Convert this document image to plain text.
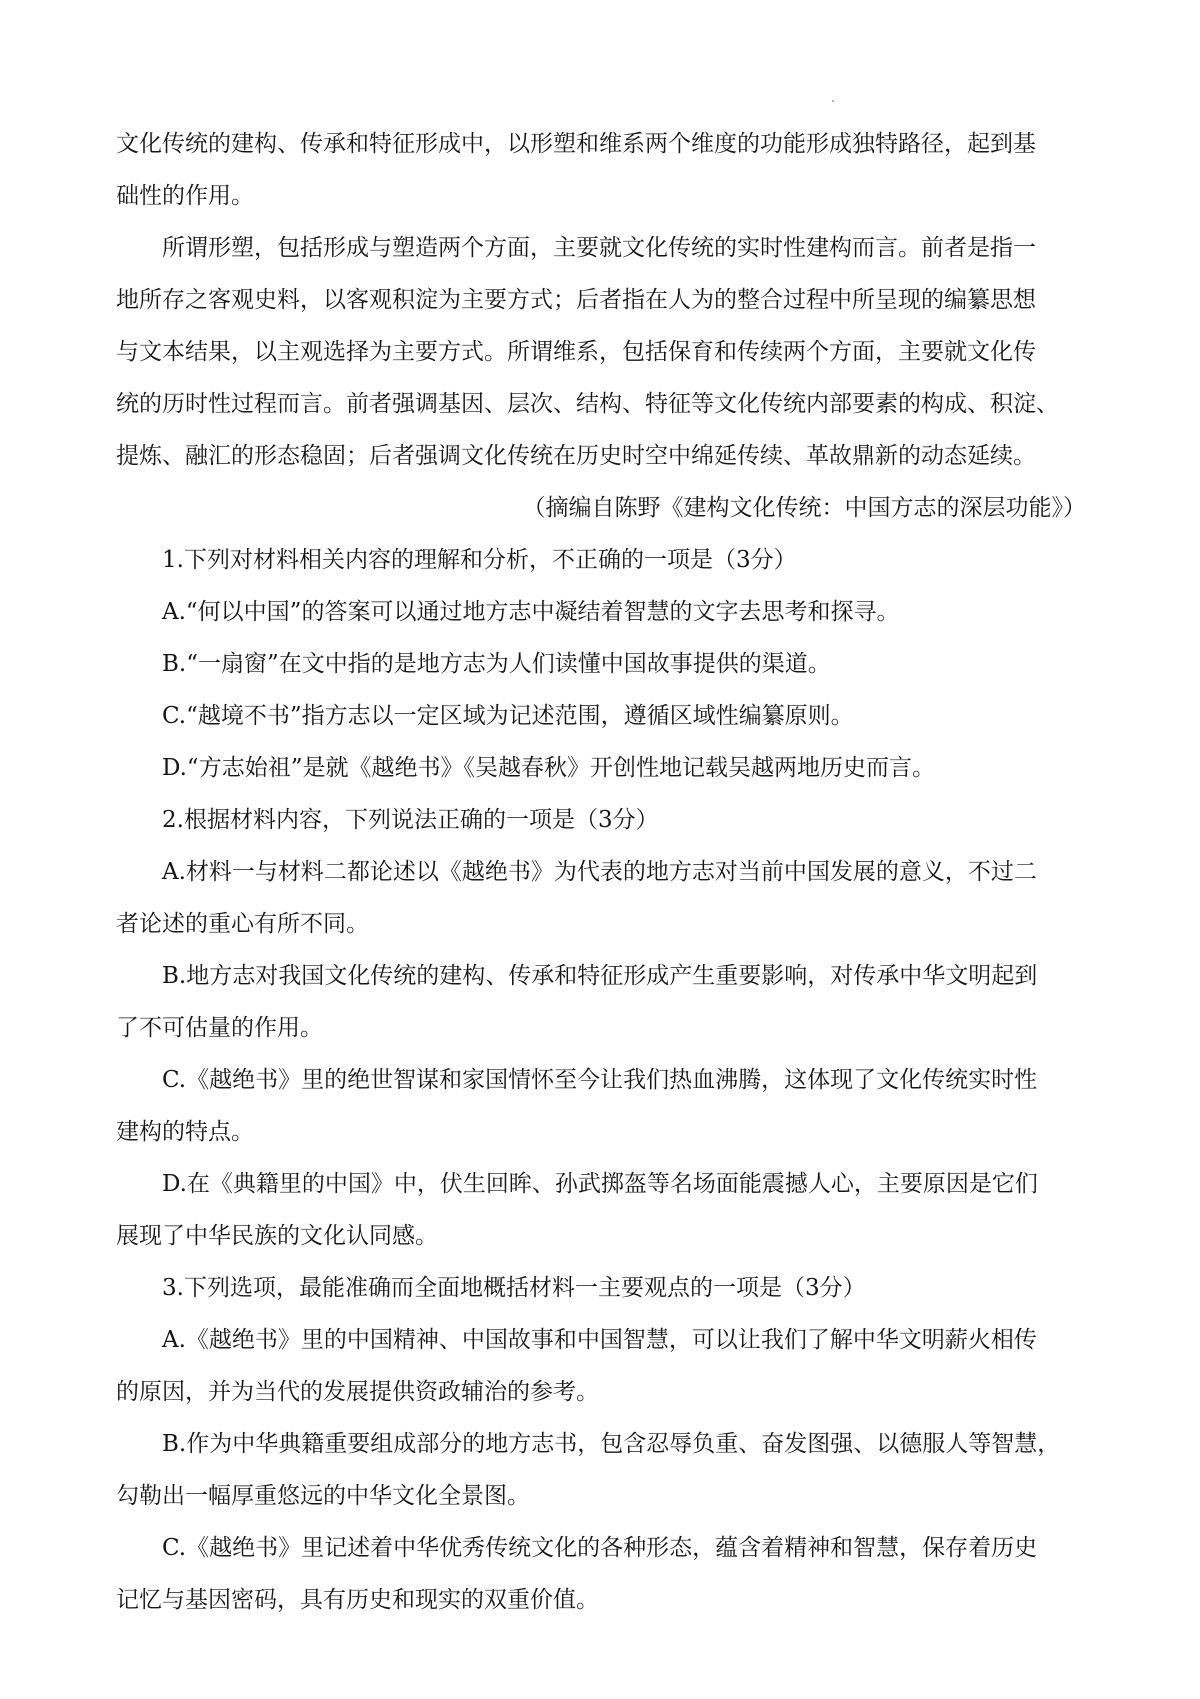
文化传统的建构、传承和特征形成中，以形塑和维系两个维度的功能形成独特路径，起到基
础性的作用。
所谓形塑，包括形成与塑造两个方面，主要就文化传统的实时性建构而言。前者是指一
地所存之客观史料，以客观积淀为主要方式；后者指在人为的整合过程中所呈现的编纂思想
与文本结果，以主观选择为主要方式。所谓维系，包括保育和传续两个方面，主要就文化传
统的历时性过程而言。前者强调基因、层次、结构、特征等文化传统内部要素的构成、积淀、
提炼、融汇的形态稳固；后者强调文化传统在历史时空中绵延传续、革故鼎新的动态延续。
（摘编自陈野《建构文化传统：中国方志的深层功能》）
1.下列对材料相关内容的理解和分析，不正确的一项是（3分）
A.“何以中国”的答案可以通过地方志中凝结着智慧的文字去思考和探寻。
B.“一扇窗”在文中指的是地方志为人们读懂中国故事提供的渠道。
C.“越境不书”指方志以一定区域为记述范围，遵循区域性编纂原则。
D.“方志始祖”是就《越绝书》《吴越春秋》开创性地记载吴越两地历史而言。
2.根据材料内容，下列说法正确的一项是（3分）
A.材料一与材料二都论述以《越绝书》为代表的地方志对当前中国发展的意义，不过二
者论述的重心有所不同。
B.地方志对我国文化传统的建构、传承和特征形成产生重要影响，对传承中华文明起到
了不可估量的作用。
C.《越绝书》里的绝世智谋和家国情怀至今让我们热血沸腾，这体现了文化传统实时性
建构的特点。
D.在《典籍里的中国》中，伏生回眸、孙武掷盔等名场面能震撼人心，主要原因是它们
展现了中华民族的文化认同感。
3.下列选项，最能准确而全面地概括材料一主要观点的一项是（3分）
A.《越绝书》里的中国精神、中国故事和中国智慧，可以让我们了解中华文明薪火相传
的原因，并为当代的发展提供资政辅治的参考。
B.作为中华典籍重要组成部分的地方志书，包含忍辱负重、奋发图强、以德服人等智慧，
勾勒出一幅厚重悠远的中华文化全景图。
C.《越绝书》里记述着中华优秀传统文化的各种形态，蕴含着精神和智慧，保存着历史
记忆与基因密码，具有历史和现实的双重价值。
